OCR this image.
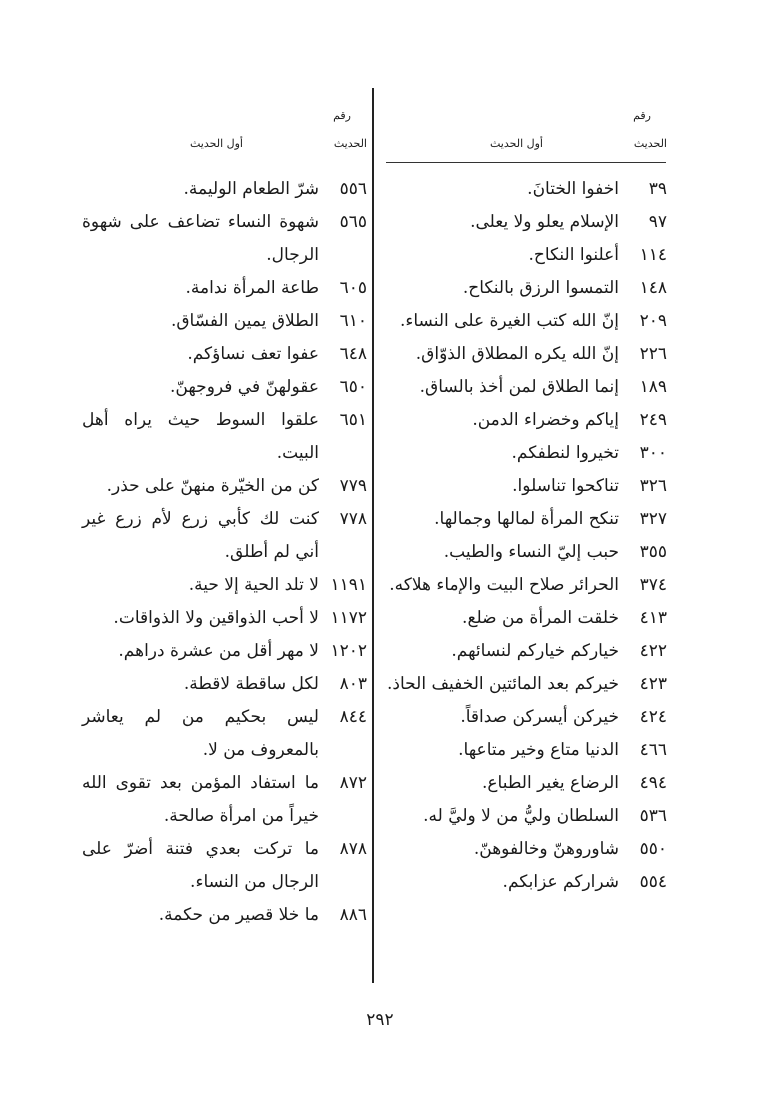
رقم
الحديث
أول الحديث
٣٩
اخفوا الختانَ.
٩٧
الإسلام يعلو ولا يعلى.
١١٤
أعلنوا النكاح.
١٤٨
التمسوا الرزق بالنكاح.
٢٠٩
إنّ الله كتب الغيرة على النساء.
٢٢٦
إنّ الله يكره المطلاق الذوّاق.
١٨٩
إنما الطلاق لمن أخذ بالساق.
٢٤٩
إياكم وخضراء الدمن.
٣٠٠
تخيروا لنطفكم.
٣٢٦
تناكحوا تناسلوا.
٣٢٧
تنكح المرأة لمالها وجمالها.
٣٥٥
حبب إليّ النساء والطيب.
٣٧٤
الحرائر صلاح البيت والإماء هلاكه.
٤١٣
خلقت المرأة من ضلع.
٤٢٢
خياركم خياركم لنسائهم.
٤٢٣
خيركم بعد المائتين الخفيف الحاذ.
٤٢٤
خيركن أيسركن صداقاً.
٤٦٦
الدنيا متاع وخير متاعها.
٤٩٤
الرضاع يغير الطباع.
٥٣٦
السلطان وليُّ من لا وليَّ له.
٥٥٠
شاوروهنّ وخالفوهنّ.
٥٥٤
شراركم عزابكم.
رقم
الحديث
أول الحديث
٥٥٦
شرّ الطعام الوليمة.
٥٦٥
شهوة النساء تضاعف على شهوة الرجال.
٦٠٥
طاعة المرأة ندامة.
٦١٠
الطلاق يمين الفسّاق.
٦٤٨
عفوا تعف نساؤكم.
٦٥٠
عقولهنّ في فروجهنّ.
٦٥١
علقوا السوط حيث يراه أهل البيت.
٧٧٩
كن من الخيّرة منهنّ على حذر.
٧٧٨
كنت لك كأبي زرع لأم زرع غير أني لم أطلق.
١١٩١
لا تلد الحية إلا حية.
١١٧٢
لا أحب الذواقين ولا الذواقات.
١٢٠٢
لا مهر أقل من عشرة دراهم.
٨٠٣
لكل ساقطة لاقطة.
٨٤٤
ليس بحكيم من لم يعاشر بالمعروف من لا.
٨٧٢
ما استفاد المؤمن بعد تقوى الله خيراً من امرأة صالحة.
٨٧٨
ما تركت بعدي فتنة أضرّ على الرجال من النساء.
٨٨٦
ما خلا قصير من حكمة.
٢٩٢
